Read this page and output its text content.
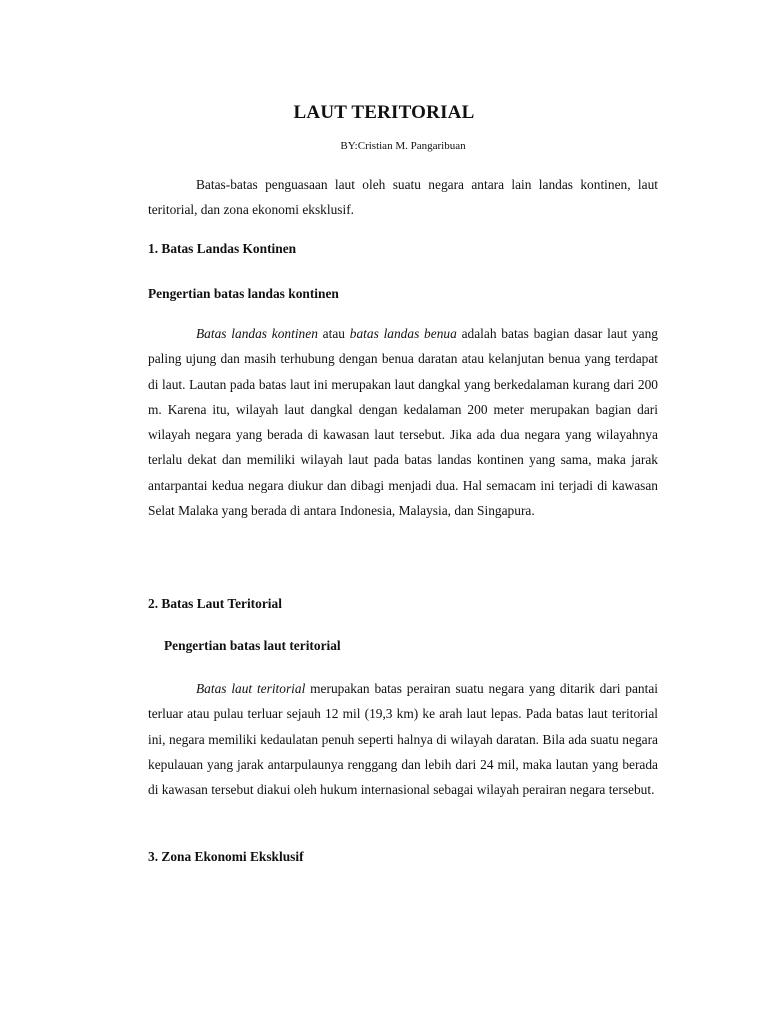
LAUT TERITORIAL
BY:Cristian M. Pangaribuan

Batas-batas penguasaan laut oleh suatu negara antara lain landas kontinen, laut teritorial, dan zona ekonomi eksklusif.

1. Batas Landas Kontinen

Pengertian batas landas kontinen

Batas landas kontinen atau batas landas benua adalah batas bagian dasar laut yang paling ujung dan masih terhubung dengan benua daratan atau kelanjutan benua yang terdapat di laut. Lautan pada batas laut ini merupakan laut dangkal yang berkedalaman kurang dari 200 m. Karena itu, wilayah laut dangkal dengan kedalaman 200 meter merupakan bagian dari wilayah negara yang berada di kawasan laut tersebut. Jika ada dua negara yang wilayahnya terlalu dekat dan memiliki wilayah laut pada batas landas kontinen yang sama, maka jarak antarpantai kedua negara diukur dan dibagi menjadi dua. Hal semacam ini terjadi di kawasan Selat Malaka yang berada di antara Indonesia, Malaysia, dan Singapura.

2. Batas Laut Teritorial

Pengertian batas laut teritorial

Batas laut teritorial merupakan batas perairan suatu negara yang ditarik dari pantai terluar atau pulau terluar sejauh 12 mil (19,3 km) ke arah laut lepas. Pada batas laut teritorial ini, negara memiliki kedaulatan penuh seperti halnya di wilayah daratan. Bila ada suatu negara kepulauan yang jarak antarpulaunya renggang dan lebih dari 24 mil, maka lautan yang berada di kawasan tersebut diakui oleh hukum internasional sebagai wilayah perairan negara tersebut.

3. Zona Ekonomi Eksklusif
